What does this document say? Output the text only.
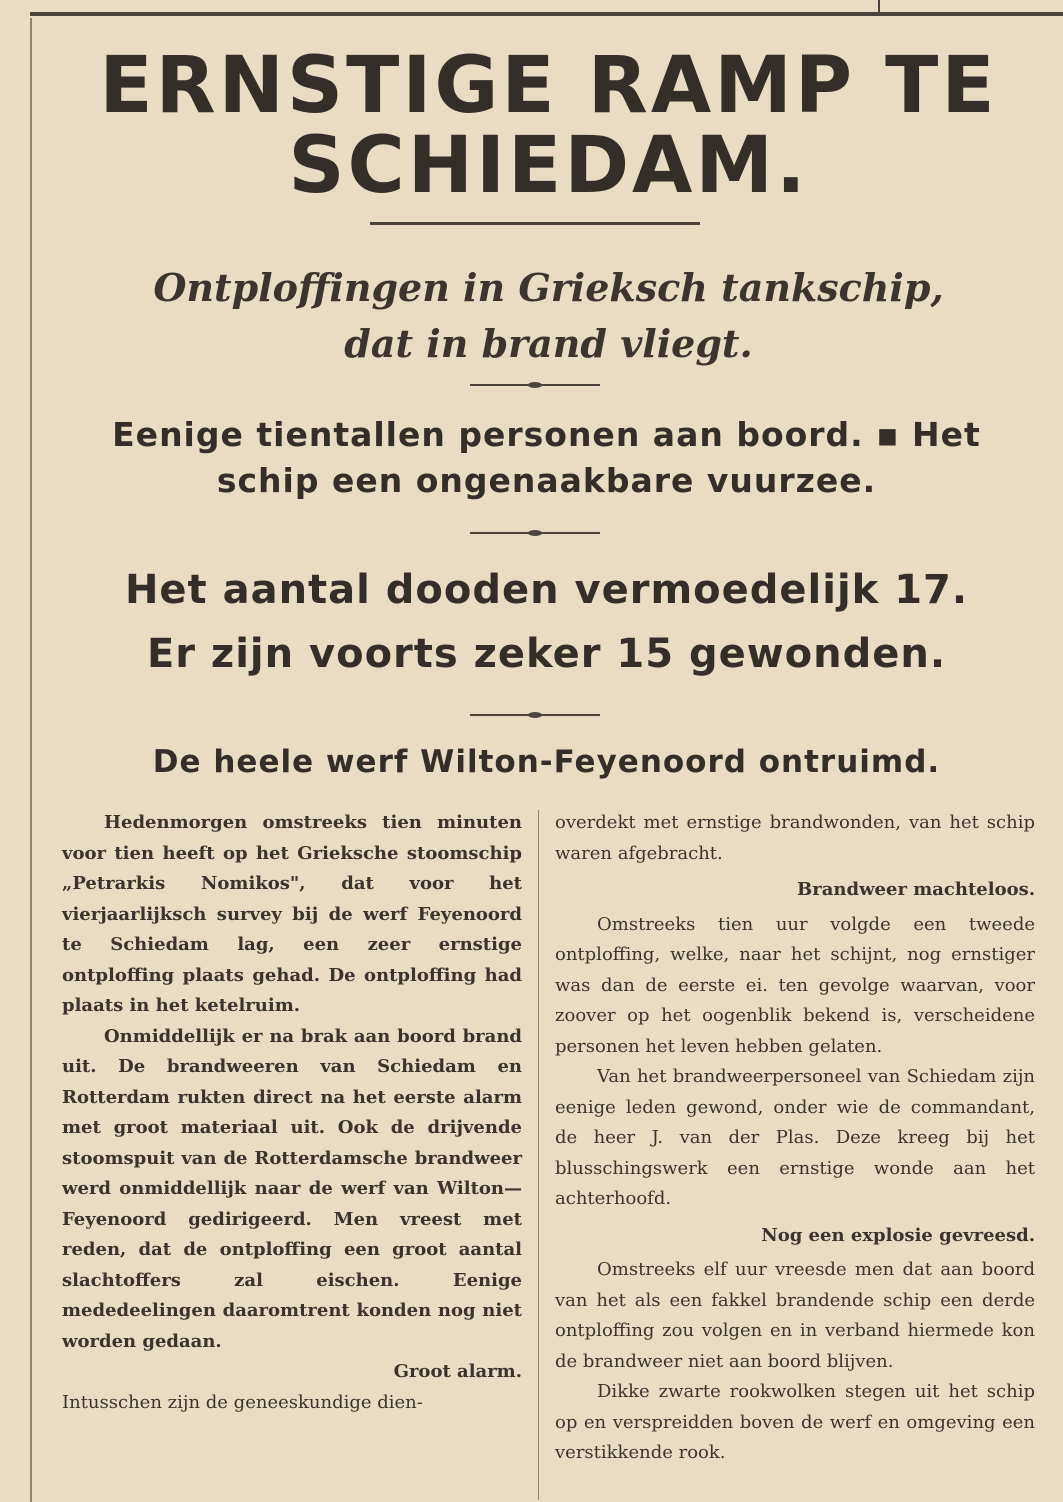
ERNSTIGE RAMP TE
SCHIEDAM.
Ontploffingen in Grieksch tankschip,
dat in brand vliegt.
Eenige tientallen personen aan boord. ▪ Het
schip een ongenaakbare vuurzee.
Het aantal dooden vermoedelijk 17.
Er zijn voorts zeker 15 gewonden.
De heele werf Wilton-Feyenoord ontruimd.

Hedenmorgen omstreeks tien minuten voor tien heeft op het Grieksche stoomschip „Petrarkis Nomikos", dat voor het vierjaarlijksch survey bij de werf Feyenoord te Schiedam lag, een zeer ernstige ontploffing plaats gehad. De ontploffing had plaats in het ketelruim.

Onmiddellijk er na brak aan boord brand uit. De brandweeren van Schiedam en Rotterdam rukten direct na het eerste alarm met groot materiaal uit. Ook de drijvende stoomspuit van de Rotterdamsche brandweer werd onmiddellijk naar de werf van Wilton—Feyenoord gedirigeerd. Men vreest met reden, dat de ontploffing een groot aantal slachtoffers zal eischen. Eenige mededeelingen daaromtrent konden nog niet worden gedaan.

Groot alarm.

Intusschen zijn de geneeskundige dien-

overdekt met ernstige brandwonden, van het schip waren afgebracht.

Brandweer machteloos.

Omstreeks tien uur volgde een tweede ontploffing, welke, naar het schijnt, nog ernstiger was dan de eerste ei. ten gevolge waarvan, voor zoover op het oogenblik bekend is, verscheidene personen het leven hebben gelaten.

Van het brandweerpersoneel van Schiedam zijn eenige leden gewond, onder wie de commandant, de heer J. van der Plas. Deze kreeg bij het blusschingswerk een ernstige wonde aan het achterhoofd.

Nog een explosie gevreesd.

Omstreeks elf uur vreesde men dat aan boord van het als een fakkel brandende schip een derde ontploffing zou volgen en in verband hiermede kon de brandweer niet aan boord blijven.

Dikke zwarte rookwolken stegen uit het schip op en verspreidden boven de werf en omgeving een verstikkende rook.
